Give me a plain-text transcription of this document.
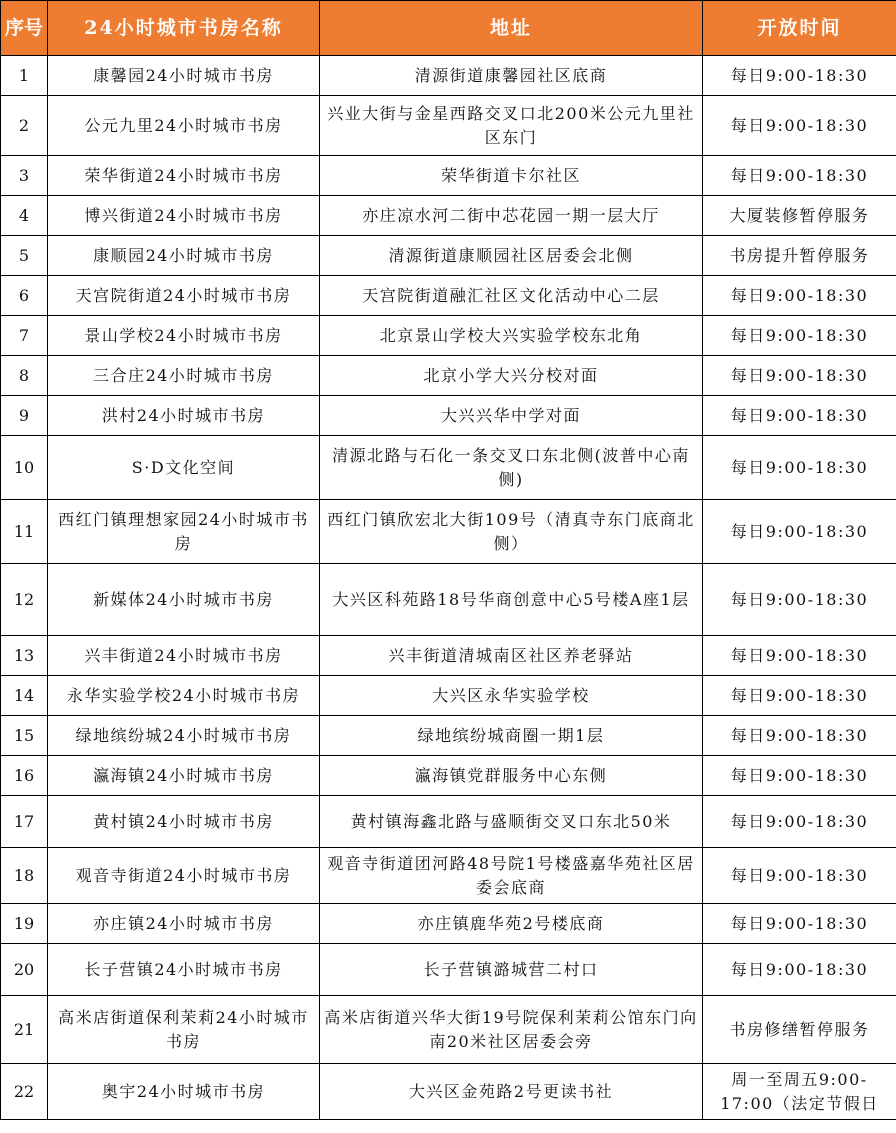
序号	24小时城市书房名称	地址	开放时间
1	康馨园24小时城市书房	清源街道康馨园社区底商	每日9:00-18:30
2	公元九里24小时城市书房	兴业大街与金星西路交叉口北200米公元九里社区东门	每日9:00-18:30
3	荣华街道24小时城市书房	荣华街道卡尔社区	每日9:00-18:30
4	博兴街道24小时城市书房	亦庄凉水河二街中芯花园一期一层大厅	大厦装修暂停服务
5	康顺园24小时城市书房	清源街道康顺园社区居委会北侧	书房提升暂停服务
6	天宫院街道24小时城市书房	天宫院街道融汇社区文化活动中心二层	每日9:00-18:30
7	景山学校24小时城市书房	北京景山学校大兴实验学校东北角	每日9:00-18:30
8	三合庄24小时城市书房	北京小学大兴分校对面	每日9:00-18:30
9	洪村24小时城市书房	大兴兴华中学对面	每日9:00-18:30
10	S·D文化空间	清源北路与石化一条交叉口东北侧(波普中心南侧)	每日9:00-18:30
11	西红门镇理想家园24小时城市书房	西红门镇欣宏北大街109号（清真寺东门底商北侧）	每日9:00-18:30
12	新媒体24小时城市书房	大兴区科苑路18号华商创意中心5号楼A座1层	每日9:00-18:30
13	兴丰街道24小时城市书房	兴丰街道清城南区社区养老驿站	每日9:00-18:30
14	永华实验学校24小时城市书房	大兴区永华实验学校	每日9:00-18:30
15	绿地缤纷城24小时城市书房	绿地缤纷城商圈一期1层	每日9:00-18:30
16	瀛海镇24小时城市书房	瀛海镇党群服务中心东侧	每日9:00-18:30
17	黄村镇24小时城市书房	黄村镇海鑫北路与盛顺街交叉口东北50米	每日9:00-18:30
18	观音寺街道24小时城市书房	观音寺街道团河路48号院1号楼盛嘉华苑社区居委会底商	每日9:00-18:30
19	亦庄镇24小时城市书房	亦庄镇鹿华苑2号楼底商	每日9:00-18:30
20	长子营镇24小时城市书房	长子营镇潞城营二村口	每日9:00-18:30
21	高米店街道保利茉莉24小时城市书房	高米店街道兴华大街19号院保利茉莉公馆东门向南20米社区居委会旁	书房修缮暂停服务
22	奥宇24小时城市书房	大兴区金苑路2号更读书社	周一至周五9:00-17:00（法定节假日
